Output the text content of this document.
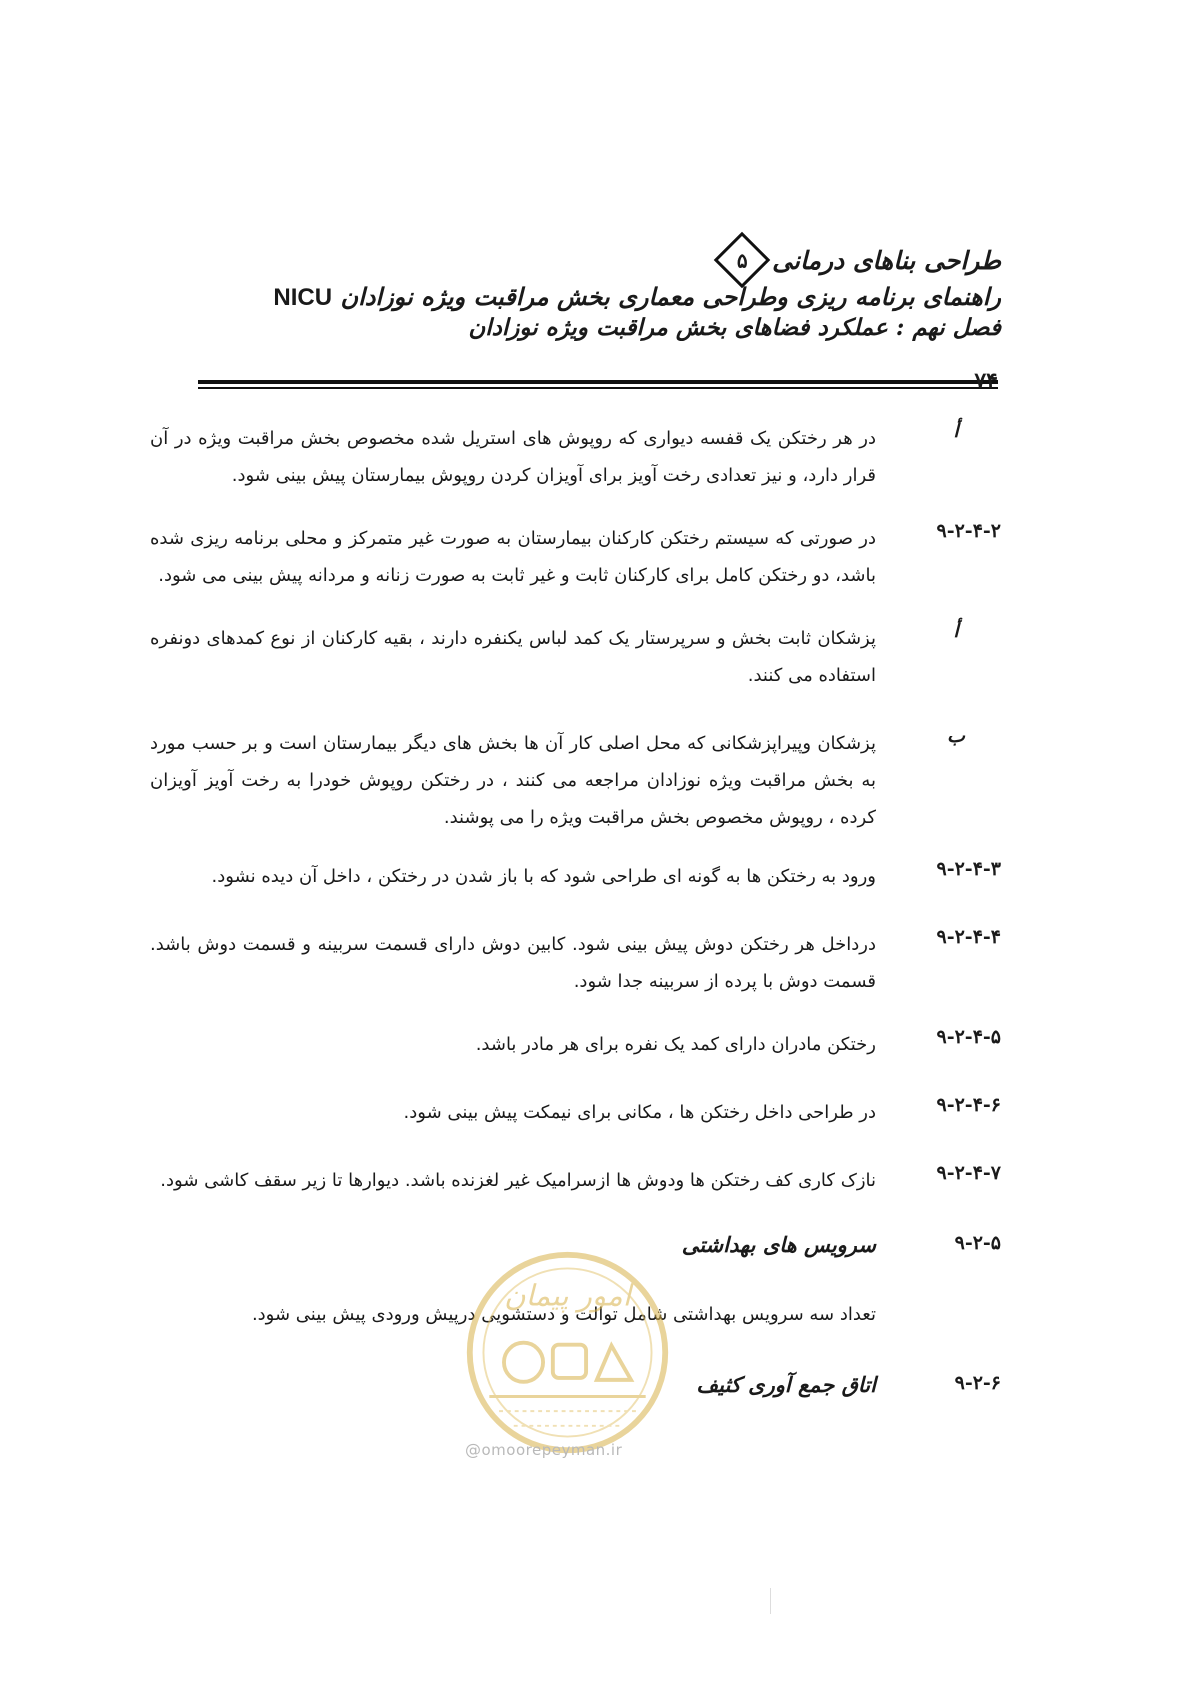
طراحی بناهای درمانی
۵
راهنمای برنامه ریزی وطراحی معماری بخش مراقبت ویژه نوزادان NICU
فصل نهم : عملکرد فضاهای بخش مراقبت ویژه نوزادان
۷۴
أ
در هر رختکن یک قفسه دیواری که روپوش های استریل شده مخصوص بخش مراقبت ویژه در آن قرار دارد، و نیز تعدادی رخت آویز برای آویزان کردن روپوش بیمارستان پیش بینی شود.
۹-۲-۴-۲
در صورتی که سیستم رختکن کارکنان بیمارستان به صورت غیر متمرکز و محلی برنامه ریزی شده باشد، دو رختکن کامل برای کارکنان ثابت و غیر ثابت به صورت زنانه و مردانه پیش بینی می شود.
أ
پزشکان ثابت بخش و سرپرستار یک کمد لباس یکنفره دارند ، بقیه کارکنان از نوع کمدهای دونفره استفاده می کنند.
ب
پزشکان وپیراپزشکانی که محل اصلی کار آن ها بخش های دیگر بیمارستان است و بر حسب مورد به بخش مراقبت ویژه نوزادان مراجعه می کنند ، در رختکن روپوش خودرا به رخت آویز آویزان کرده ، روپوش مخصوص بخش مراقبت ویژه را می پوشند.
۹-۲-۴-۳
ورود به رختکن ها به گونه ای طراحی شود که با باز شدن در رختکن ، داخل آن دیده نشود.
۹-۲-۴-۴
درداخل هر رختکن دوش پیش بینی شود. کابین دوش دارای قسمت سربینه و قسمت دوش باشد. قسمت دوش با پرده از سربینه جدا شود.
۹-۲-۴-۵
رختکن مادران دارای کمد یک نفره برای هر مادر باشد.
۹-۲-۴-۶
در طراحی داخل رختکن ها ، مکانی برای نیمکت پیش بینی شود.
۹-۲-۴-۷
نازک کاری کف رختکن ها ودوش ها ازسرامیک غیر لغزنده باشد. دیوارها تا زیر سقف کاشی شود.
۹-۲-۵
سرویس های بهداشتی
تعداد سه سرویس بهداشتی شامل توالت و دستشویی درپیش ورودی پیش بینی شود.
۹-۲-۶
اتاق جمع آوری کثیف
امور پیمان
@omoorepeyman.ir
